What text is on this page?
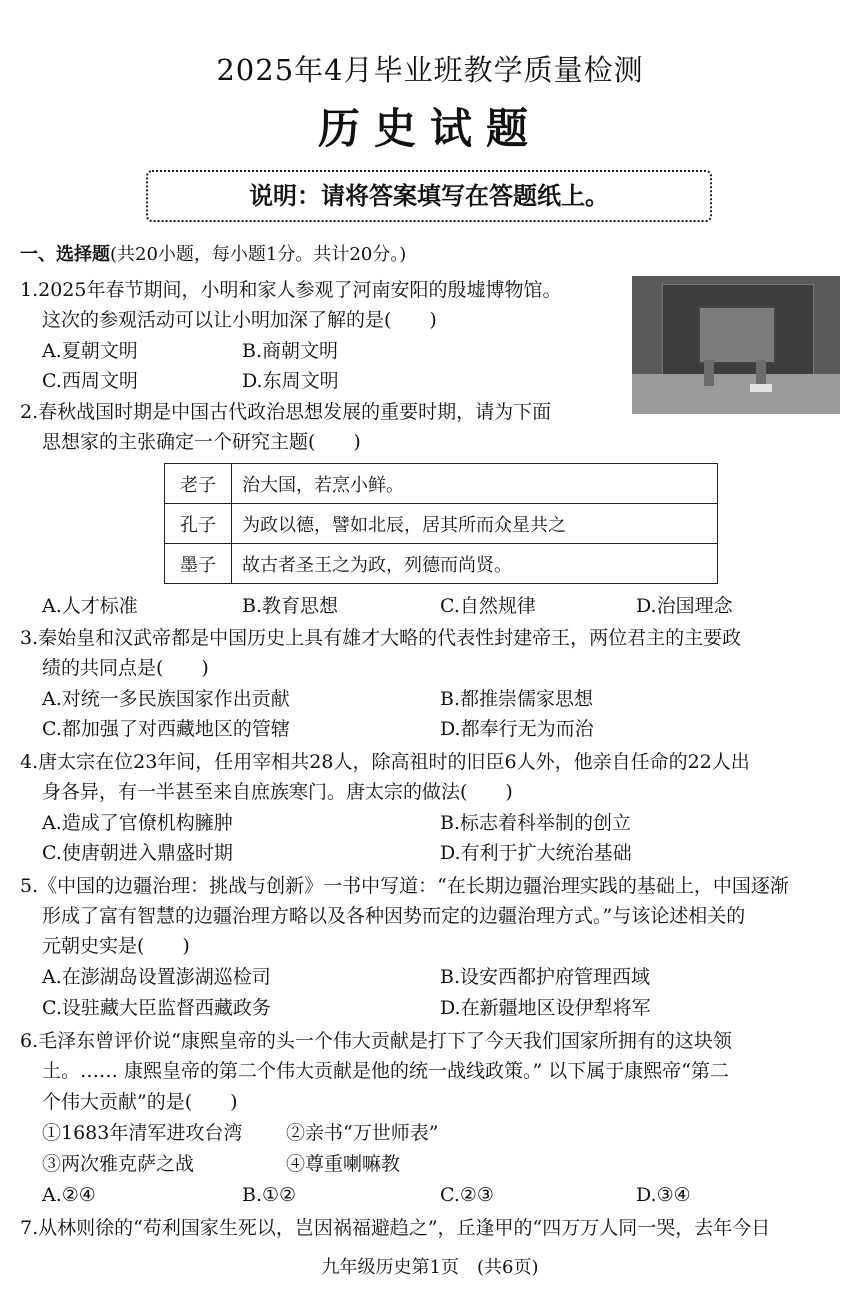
2025年4月毕业班教学质量检测
历史试题
说明：请将答案填写在答题纸上。
一、选择题(共20小题，每小题1分。共计20分。)
1.2025年春节期间，小明和家人参观了河南安阳的殷墟博物馆。
这次的参观活动可以让小明加深了解的是(　　)
A.夏朝文明	B.商朝文明
C.西周文明	D.东周文明
2.春秋战国时期是中国古代政治思想发展的重要时期，请为下面
思想家的主张确定一个研究主题(　　)
老子	治大国，若烹小鲜。
孔子	为政以德，譬如北辰，居其所而众星共之
墨子	故古者圣王之为政，列德而尚贤。
A.人才标准	B.教育思想	C.自然规律	D.治国理念
3.秦始皇和汉武帝都是中国历史上具有雄才大略的代表性封建帝王，两位君主的主要政
绩的共同点是(　　)
A.对统一多民族国家作出贡献	B.都推崇儒家思想
C.都加强了对西藏地区的管辖	D.都奉行无为而治
4.唐太宗在位23年间，任用宰相共28人，除高祖时的旧臣6人外，他亲自任命的22人出
身各异，有一半甚至来自庶族寒门。唐太宗的做法(　　)
A.造成了官僚机构臃肿	B.标志着科举制的创立
C.使唐朝进入鼎盛时期	D.有利于扩大统治基础
5.《中国的边疆治理：挑战与创新》一书中写道：“在长期边疆治理实践的基础上，中国逐渐
形成了富有智慧的边疆治理方略以及各种因势而定的边疆治理方式。”与该论述相关的
元朝史实是(　　)
A.在澎湖岛设置澎湖巡检司	B.设安西都护府管理西域
C.设驻藏大臣监督西藏政务	D.在新疆地区设伊犁将军
6.毛泽东曾评价说“康熙皇帝的头一个伟大贡献是打下了今天我们国家所拥有的这块领
土。…… 康熙皇帝的第二个伟大贡献是他的统一战线政策。” 以下属于康熙帝“第二
个伟大贡献”的是(　　)
①1683年清军进攻台湾 ②亲书“万世师表”
③两次雅克萨之战	④尊重喇嘛教
A.②④	B.①②	C.②③	D.③④
7.从林则徐的“苟利国家生死以，岂因祸福避趋之”，丘逢甲的“四万万人同一哭，去年今日
九年级历史第1页　 (共6页)
